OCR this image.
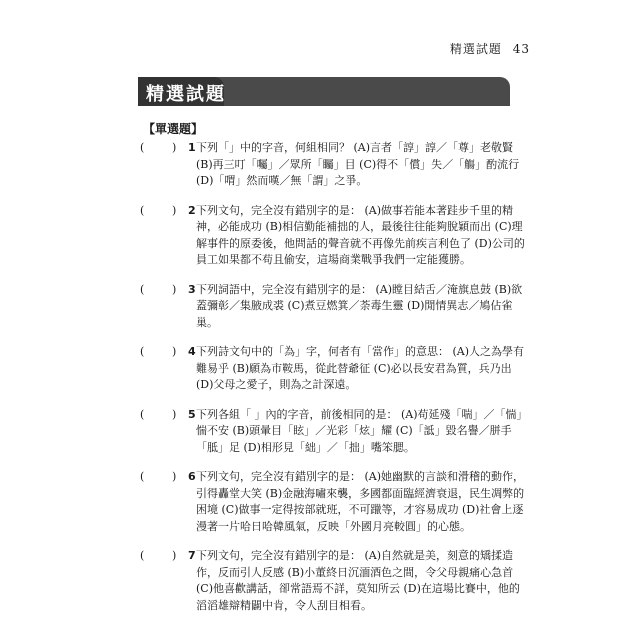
精選試題 43
精選試題
【單選題】
(	) 1 下列「」中的字音，何組相同？ (A)言者「諄」諄／「尊」老敬賢 (B)再三叮「囑」／眾所「矚」目 (C)得不「償」失／「觴」酌流行 (D)「喟」然而嘆／無「謂」之爭。
(	) 2 下列文句，完全沒有錯別字的是： (A)做事若能本著跬步千里的精神，必能成功 (B)相信勤能補拙的人，最後往往能夠脫穎而出 (C)理解事件的原委後，他問話的聲音就不再像先前疾言利色了 (D)公司的員工如果都不苟且偷安，這場商業戰爭我們一定能獲勝。
(	) 3 下列詞語中，完全沒有錯別字的是： (A)瞠目結舌／淹旗息鼓 (B)欲蓋彌彰／集腋成裘 (C)煮豆燃箕／荼毒生靈 (D)閒情異志／鳩佔雀巢。
(	) 4 下列詩文句中的「為」字，何者有「當作」的意思： (A)人之為學有難易乎 (B)願為市鞍馬，從此替爺征 (C)必以長安君為質，兵乃出 (D)父母之愛子，則為之計深遠。
(	) 5 下列各組「 」內的字音，前後相同的是： (A)苟延殘「喘」／「惴」惴不安 (B)頭暈目「眩」／光彩「炫」耀 (C)「詆」毀名譽／胼手「胝」足 (D)相形見「絀」／「拙」嘴笨腮。
(	) 6 下列文句，完全沒有錯別字的是： (A)她幽默的言談和滑稽的動作，引得轟堂大笑 (B)金融海嘯來襲，多國都面臨經濟衰退，民生凋弊的困境 (C)做事一定得按部就班，不可躐等，才容易成功 (D)社會上逐漫著一片哈日哈韓風氣，反映「外國月亮較圓」的心態。
(	) 7 下列文句，完全沒有錯別字的是： (A)自然就是美，刻意的矯揉造作，反而引人反感 (B)小董終日沉湎酒色之間，令父母親痛心急首 (C)他喜歡講話，卻常語焉不詳，莫知所云 (D)在這場比賽中，他的滔滔雄辯精闢中肯，令人刮目相看。
